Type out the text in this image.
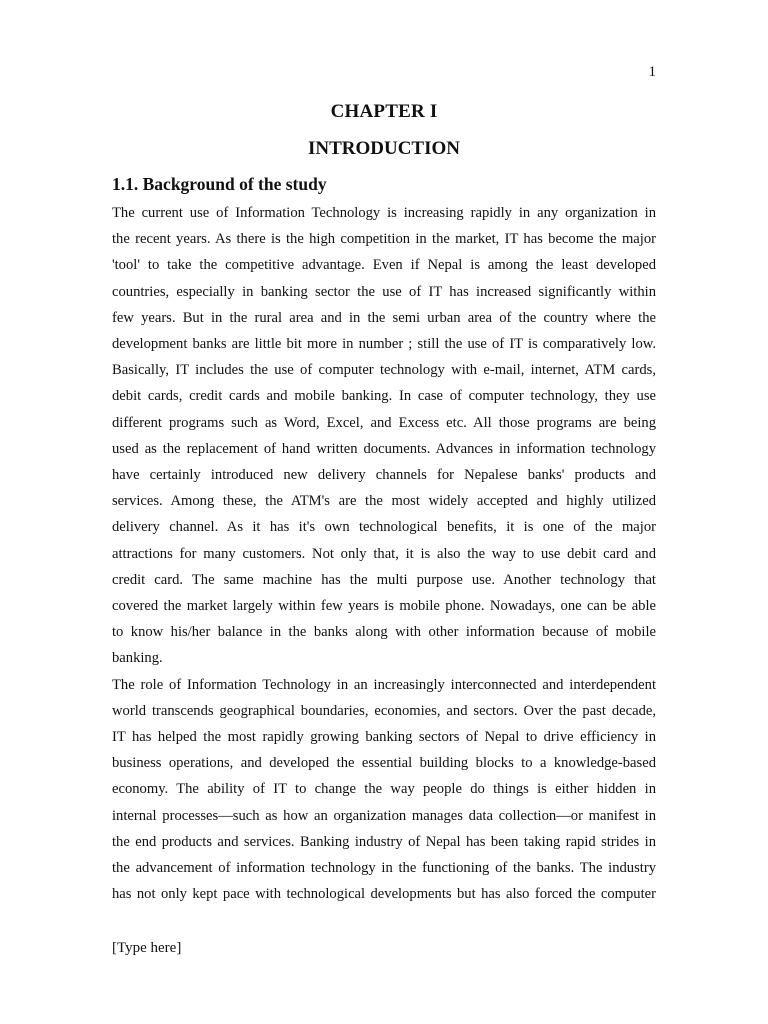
1
CHAPTER I
INTRODUCTION
1.1. Background of the study

The current use of Information Technology is increasing rapidly in any organization in
the recent years. As there is the high competition in the market, IT has become the major
'tool' to take the competitive advantage. Even if Nepal is among the least developed
countries, especially in banking sector the use of IT has increased significantly within
few years. But in the rural area and in the semi urban area of the country where the
development banks are little bit more in number ; still the use of IT is comparatively low.
Basically, IT includes the use of computer technology with e-mail, internet, ATM cards,
debit cards, credit cards and mobile banking. In case of computer technology, they use
different programs such as Word, Excel, and Excess etc. All those programs are being
used as the replacement of hand written documents. Advances in information technology
have certainly introduced new delivery channels for Nepalese banks' products and
services. Among these, the ATM's are the most widely accepted and highly utilized
delivery channel. As it has it's own technological benefits, it is one of the major
attractions for many customers. Not only that, it is also the way to use debit card and
credit card. The same machine has the multi purpose use. Another technology that
covered the market largely within few years is mobile phone. Nowadays, one can be able
to know his/her balance in the banks along with other information because of mobile
banking.

The role of Information Technology in an increasingly interconnected and interdependent
world transcends geographical boundaries, economies, and sectors. Over the past decade,
IT has helped the most rapidly growing banking sectors of Nepal to drive efficiency in
business operations, and developed the essential building blocks to a knowledge-based
economy. The ability of IT to change the way people do things is either hidden in
internal processes—such as how an organization manages data collection—or manifest in
the end products and services. Banking industry of Nepal has been taking rapid strides in
the advancement of information technology in the functioning of the banks. The industry
has not only kept pace with technological developments but has also forced the computer

[Type here]
